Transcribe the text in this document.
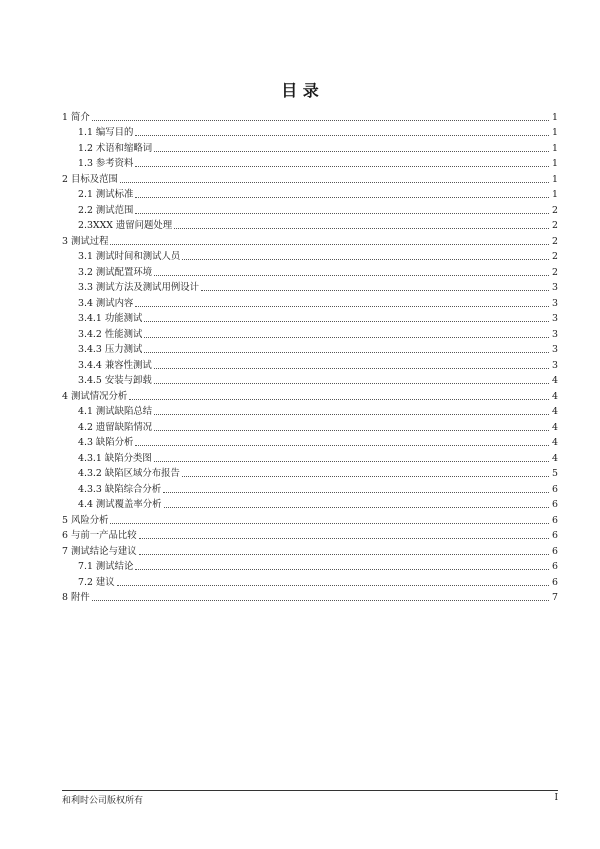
目 录
1 简介	1
1.1 编写目的	1
1.2 术语和缩略词	1
1.3 参考资料	1
2 目标及范围	1
2.1 测试标准	1
2.2 测试范围	2
2.3XXX 遗留问题处理	2
3 测试过程	2
3.1 测试时间和测试人员	2
3.2 测试配置环境	2
3.3 测试方法及测试用例设计	3
3.4 测试内容	3
3.4.1 功能测试	3
3.4.2 性能测试	3
3.4.3 压力测试	3
3.4.4 兼容性测试	3
3.4.5 安装与卸载	4
4 测试情况分析	4
4.1 测试缺陷总结	4
4.2 遗留缺陷情况	4
4.3 缺陷分析	4
4.3.1 缺陷分类图	4
4.3.2 缺陷区域分布报告	5
4.3.3 缺陷综合分析	6
4.4 测试覆盖率分析	6
5 风险分析	6
6 与前一产品比较	6
7 测试结论与建议	6
7.1 测试结论	6
7.2 建议	6
8 附件	7
和利时公司版权所有	I
